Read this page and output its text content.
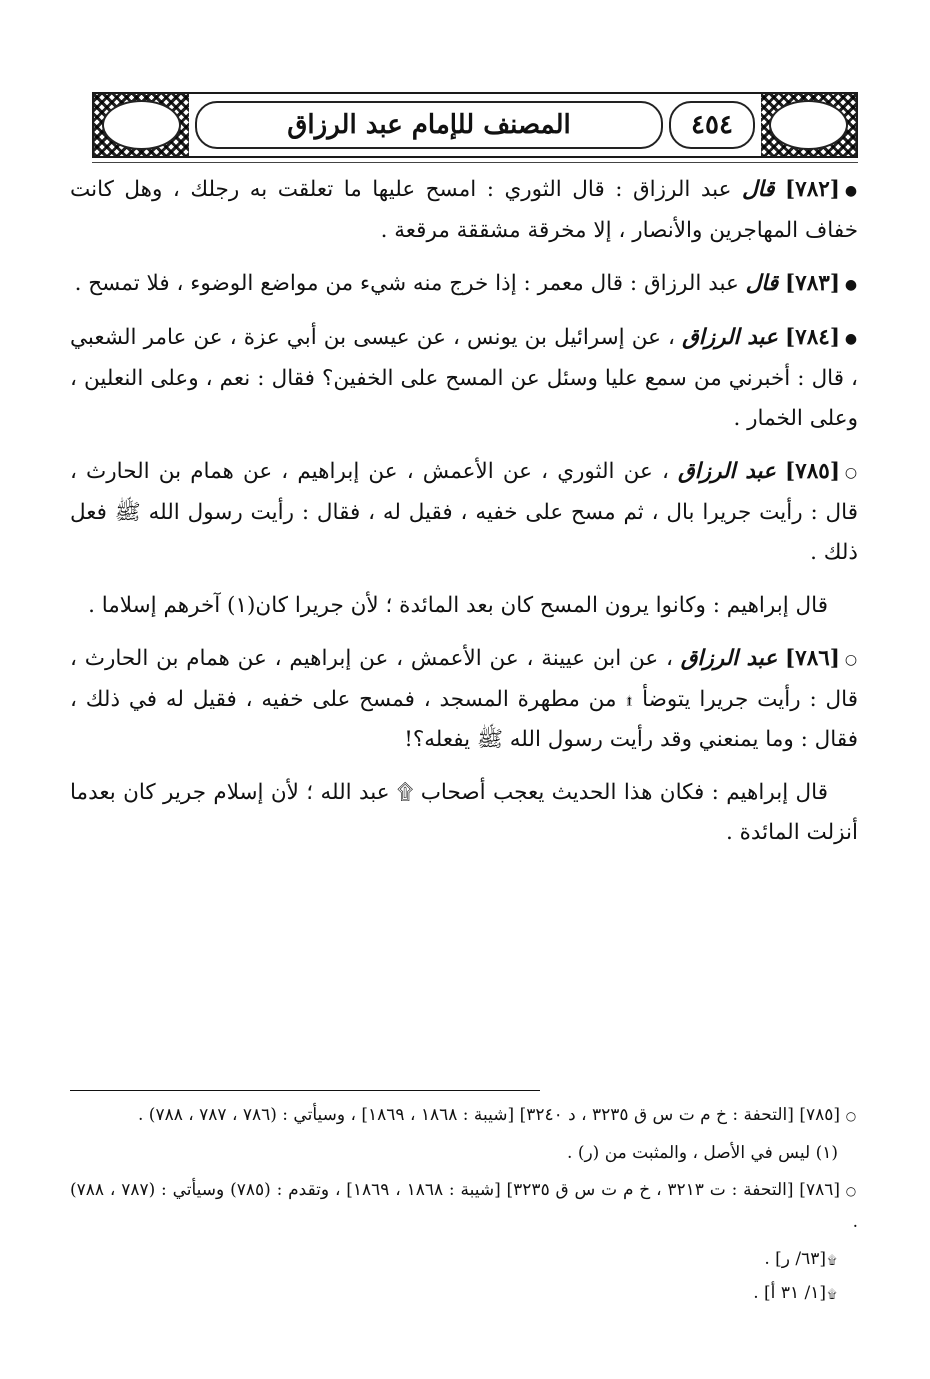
٤٥٤
المصنف للإمام عبد الرزاق

●[٧٨٢] قال عبد الرزاق : قال الثوري : امسح عليها ما تعلقت به رجلك ، وهل كانت خفاف المهاجرين والأنصار ، إلا مخرقة مشققة مرقعة .

●[٧٨٣] قال عبد الرزاق : قال معمر : إذا خرج منه شيء من مواضع الوضوء ، فلا تمسح .

●[٧٨٤] عبد الرزاق ، عن إسرائيل بن يونس ، عن عيسى بن أبي عزة ، عن عامر الشعبي ، قال : أخبرني من سمع عليا وسئل عن المسح على الخفين؟ فقال : نعم ، وعلى النعلين ، وعلى الخمار .

○[٧٨٥] عبد الرزاق ، عن الثوري ، عن الأعمش ، عن إبراهيم ، عن همام بن الحارث ، قال : رأيت جريرا بال ، ثم مسح على خفيه ، فقيل له ، فقال : رأيت رسول الله ﷺ فعل ذلك .

قال إبراهيم : وكانوا يرون المسح كان بعد المائدة ؛ لأن جريرا كان(١) آخرهم إسلاما .

○[٧٨٦] عبد الرزاق ، عن ابن عيينة ، عن الأعمش ، عن إبراهيم ، عن همام بن الحارث ، قال : رأيت جريرا يتوضأ ۩ من مطهرة المسجد ، فمسح على خفيه ، فقيل له في ذلك ، فقال : وما يمنعني وقد رأيت رسول الله ﷺ يفعله؟!

قال إبراهيم : فكان هذا الحديث يعجب أصحاب ۩ عبد الله ؛ لأن إسلام جرير كان بعدما أنزلت المائدة .

○[٧٨٥] [التحفة : خ م ت س ق ٣٢٣٥ ، د ٣٢٤٠] [شيبة : ١٨٦٨ ، ١٨٦٩] ، وسيأتي : (٧٨٦ ، ٧٨٧ ، ٧٨٨) .
(١) ليس في الأصل ، والمثبت من (ر) .
○[٧٨٦] [التحفة : ت ٣٢١٣ ، خ م ت س ق ٣٢٣٥] [شيبة : ١٨٦٨ ، ١٨٦٩] ، وتقدم : (٧٨٥) وسيأتي : (٧٨٧ ، ٧٨٨) .
۩[٦٣/ ر] .
۩[١/ ٣١ أ] .
